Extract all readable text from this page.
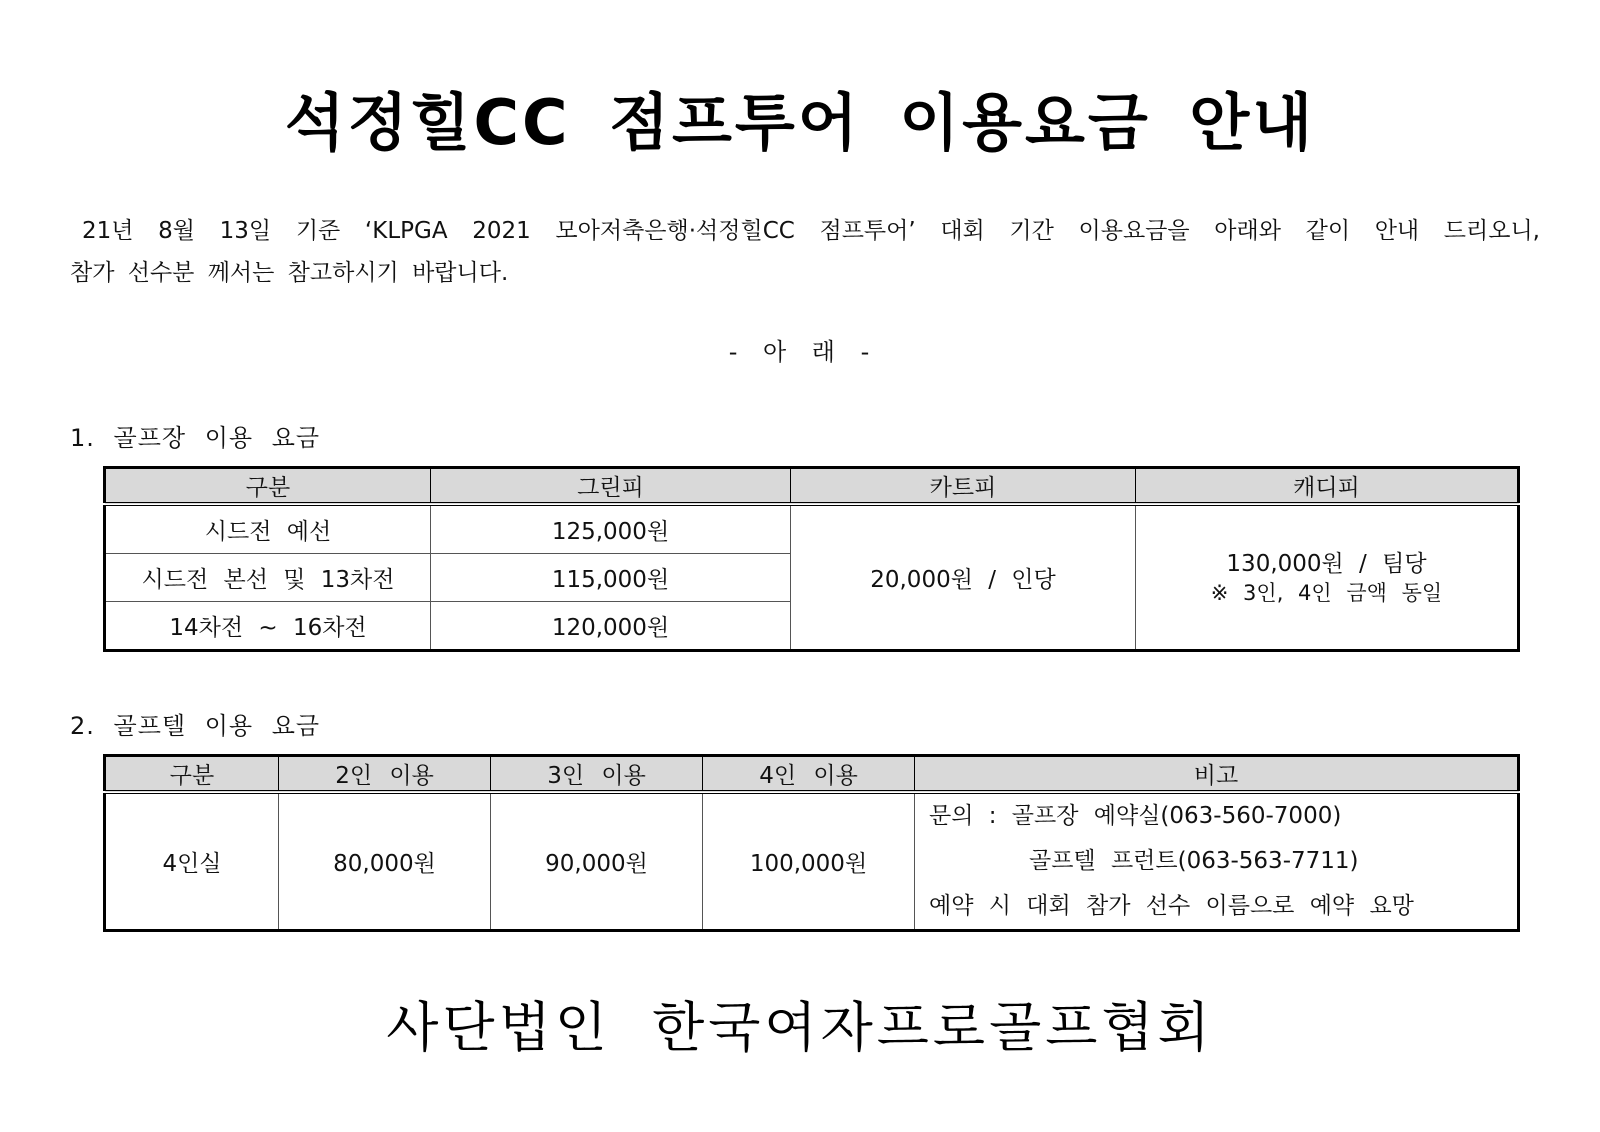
석정힐CC 점프투어 이용요금 안내

21년 8월 13일 기준 ‘KLPGA 2021 모아저축은행·석정힐CC 점프투어’ 대회 기간 이용요금을 아래와 같이 안내 드리오니,

참가 선수분 께서는 참고하시기 바랍니다.

- 아 래 -
1. 골프장 이용 요금
구분	그린피	카트피	캐디피
시드전 예선	125,000원	20,000원 / 인당	130,000원 / 팀당
※ 3인, 4인 금액 동일

시드전 본선 및 13차전	115,000원		
14차전 ~ 16차전	120,000원		
2. 골프텔 이용 요금
구분	2인 이용	3인 이용	4인 이용	비고
4인실	80,000원	90,000원	100,000원	문의 : 골프장 예약실(063-560-7000)
골프텔 프런트(063-563-7711)
예약 시 대회 참가 선수 이름으로 예약 요망
사단법인 한국여자프로골프협회
